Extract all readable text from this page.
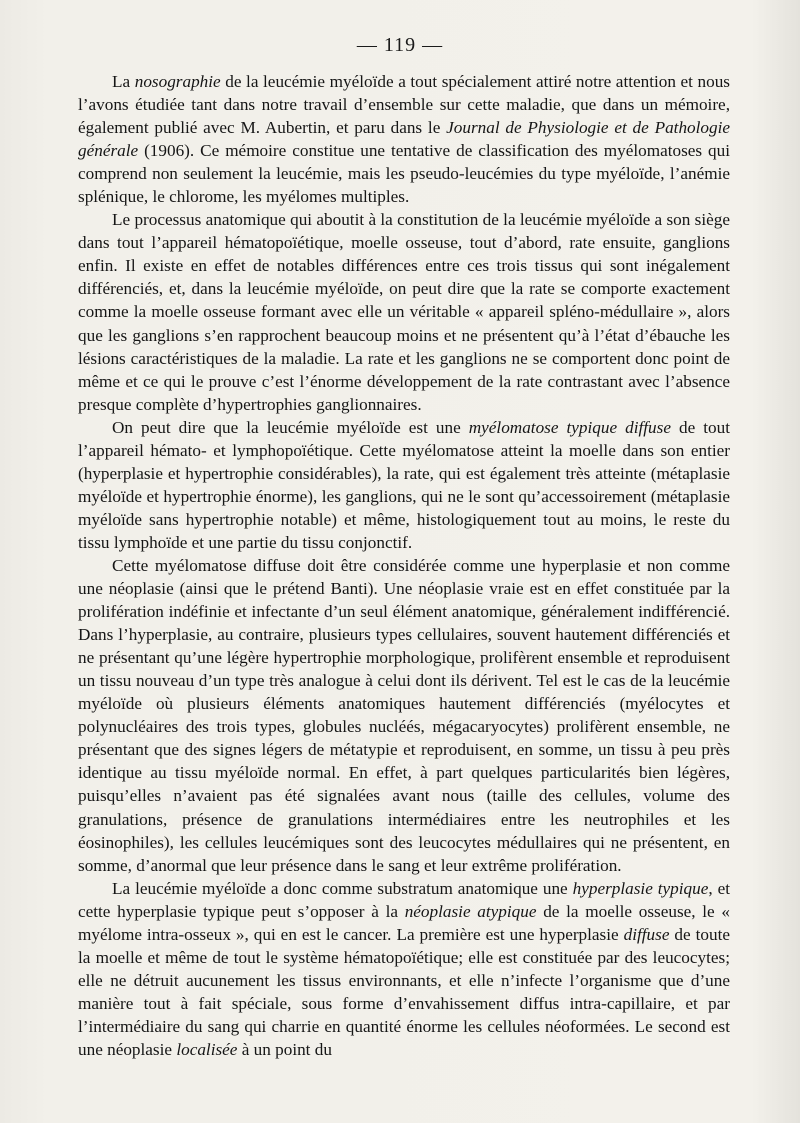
— 119 —

La nosographie de la leucémie myéloïde a tout spécialement attiré notre attention et nous l’avons étudiée tant dans notre travail d’ensemble sur cette maladie, que dans un mémoire, également publié avec M. Aubertin, et paru dans le Journal de Physiologie et de Pathologie générale (1906). Ce mémoire constitue une tentative de classification des myélomatoses qui comprend non seulement la leucémie, mais les pseudo-leucémies du type myéloïde, l’anémie splénique, le chlorome, les myélomes multiples.

Le processus anatomique qui aboutit à la constitution de la leucémie myéloïde a son siège dans tout l’appareil hématopoïétique, moelle osseuse, tout d’abord, rate ensuite, ganglions enfin. Il existe en effet de notables différences entre ces trois tissus qui sont inégalement différenciés, et, dans la leucémie myéloïde, on peut dire que la rate se comporte exactement comme la moelle osseuse formant avec elle un véritable « appareil spléno-médullaire », alors que les ganglions s’en rapprochent beaucoup moins et ne présentent qu’à l’état d’ébauche les lésions caractéristiques de la maladie. La rate et les ganglions ne se comportent donc point de même et ce qui le prouve c’est l’énorme développement de la rate contrastant avec l’absence presque complète d’hypertrophies ganglionnaires.

On peut dire que la leucémie myéloïde est une myélomatose typique diffuse de tout l’appareil hémato- et lymphopoïétique. Cette myélomatose atteint la moelle dans son entier (hyperplasie et hypertrophie considérables), la rate, qui est également très atteinte (métaplasie myéloïde et hypertrophie énorme), les ganglions, qui ne le sont qu’accessoirement (métaplasie myéloïde sans hypertrophie notable) et même, histologiquement tout au moins, le reste du tissu lymphoïde et une partie du tissu conjonctif.

Cette myélomatose diffuse doit être considérée comme une hyperplasie et non comme une néoplasie (ainsi que le prétend Banti). Une néoplasie vraie est en effet constituée par la prolifération indéfinie et infectante d’un seul élément anatomique, généralement indifférencié. Dans l’hyperplasie, au contraire, plusieurs types cellulaires, souvent hautement différenciés et ne présentant qu’une légère hypertrophie morphologique, prolifèrent ensemble et reproduisent un tissu nouveau d’un type très analogue à celui dont ils dérivent. Tel est le cas de la leucémie myéloïde où plusieurs éléments anatomiques hautement différenciés (myélocytes et polynucléaires des trois types, globules nucléés, mégacaryocytes) prolifèrent ensemble, ne présentant que des signes légers de métatypie et reproduisent, en somme, un tissu à peu près identique au tissu myéloïde normal. En effet, à part quelques particularités bien légères, puisqu’elles n’avaient pas été signalées avant nous (taille des cellules, volume des granulations, présence de granulations intermédiaires entre les neutrophiles et les éosinophiles), les cellules leucémiques sont des leucocytes médullaires qui ne présentent, en somme, d’anormal que leur présence dans le sang et leur extrême prolifération.

La leucémie myéloïde a donc comme substratum anatomique une hyperplasie typique, et cette hyperplasie typique peut s’opposer à la néoplasie atypique de la moelle osseuse, le « myélome intra-osseux », qui en est le cancer. La première est une hyperplasie diffuse de toute la moelle et même de tout le système hématopoïétique; elle est constituée par des leucocytes; elle ne détruit aucunement les tissus environnants, et elle n’infecte l’organisme que d’une manière tout à fait spéciale, sous forme d’envahissement diffus intra-capillaire, et par l’intermédiaire du sang qui charrie en quantité énorme les cellules néoformées. Le second est une néoplasie localisée à un point du
